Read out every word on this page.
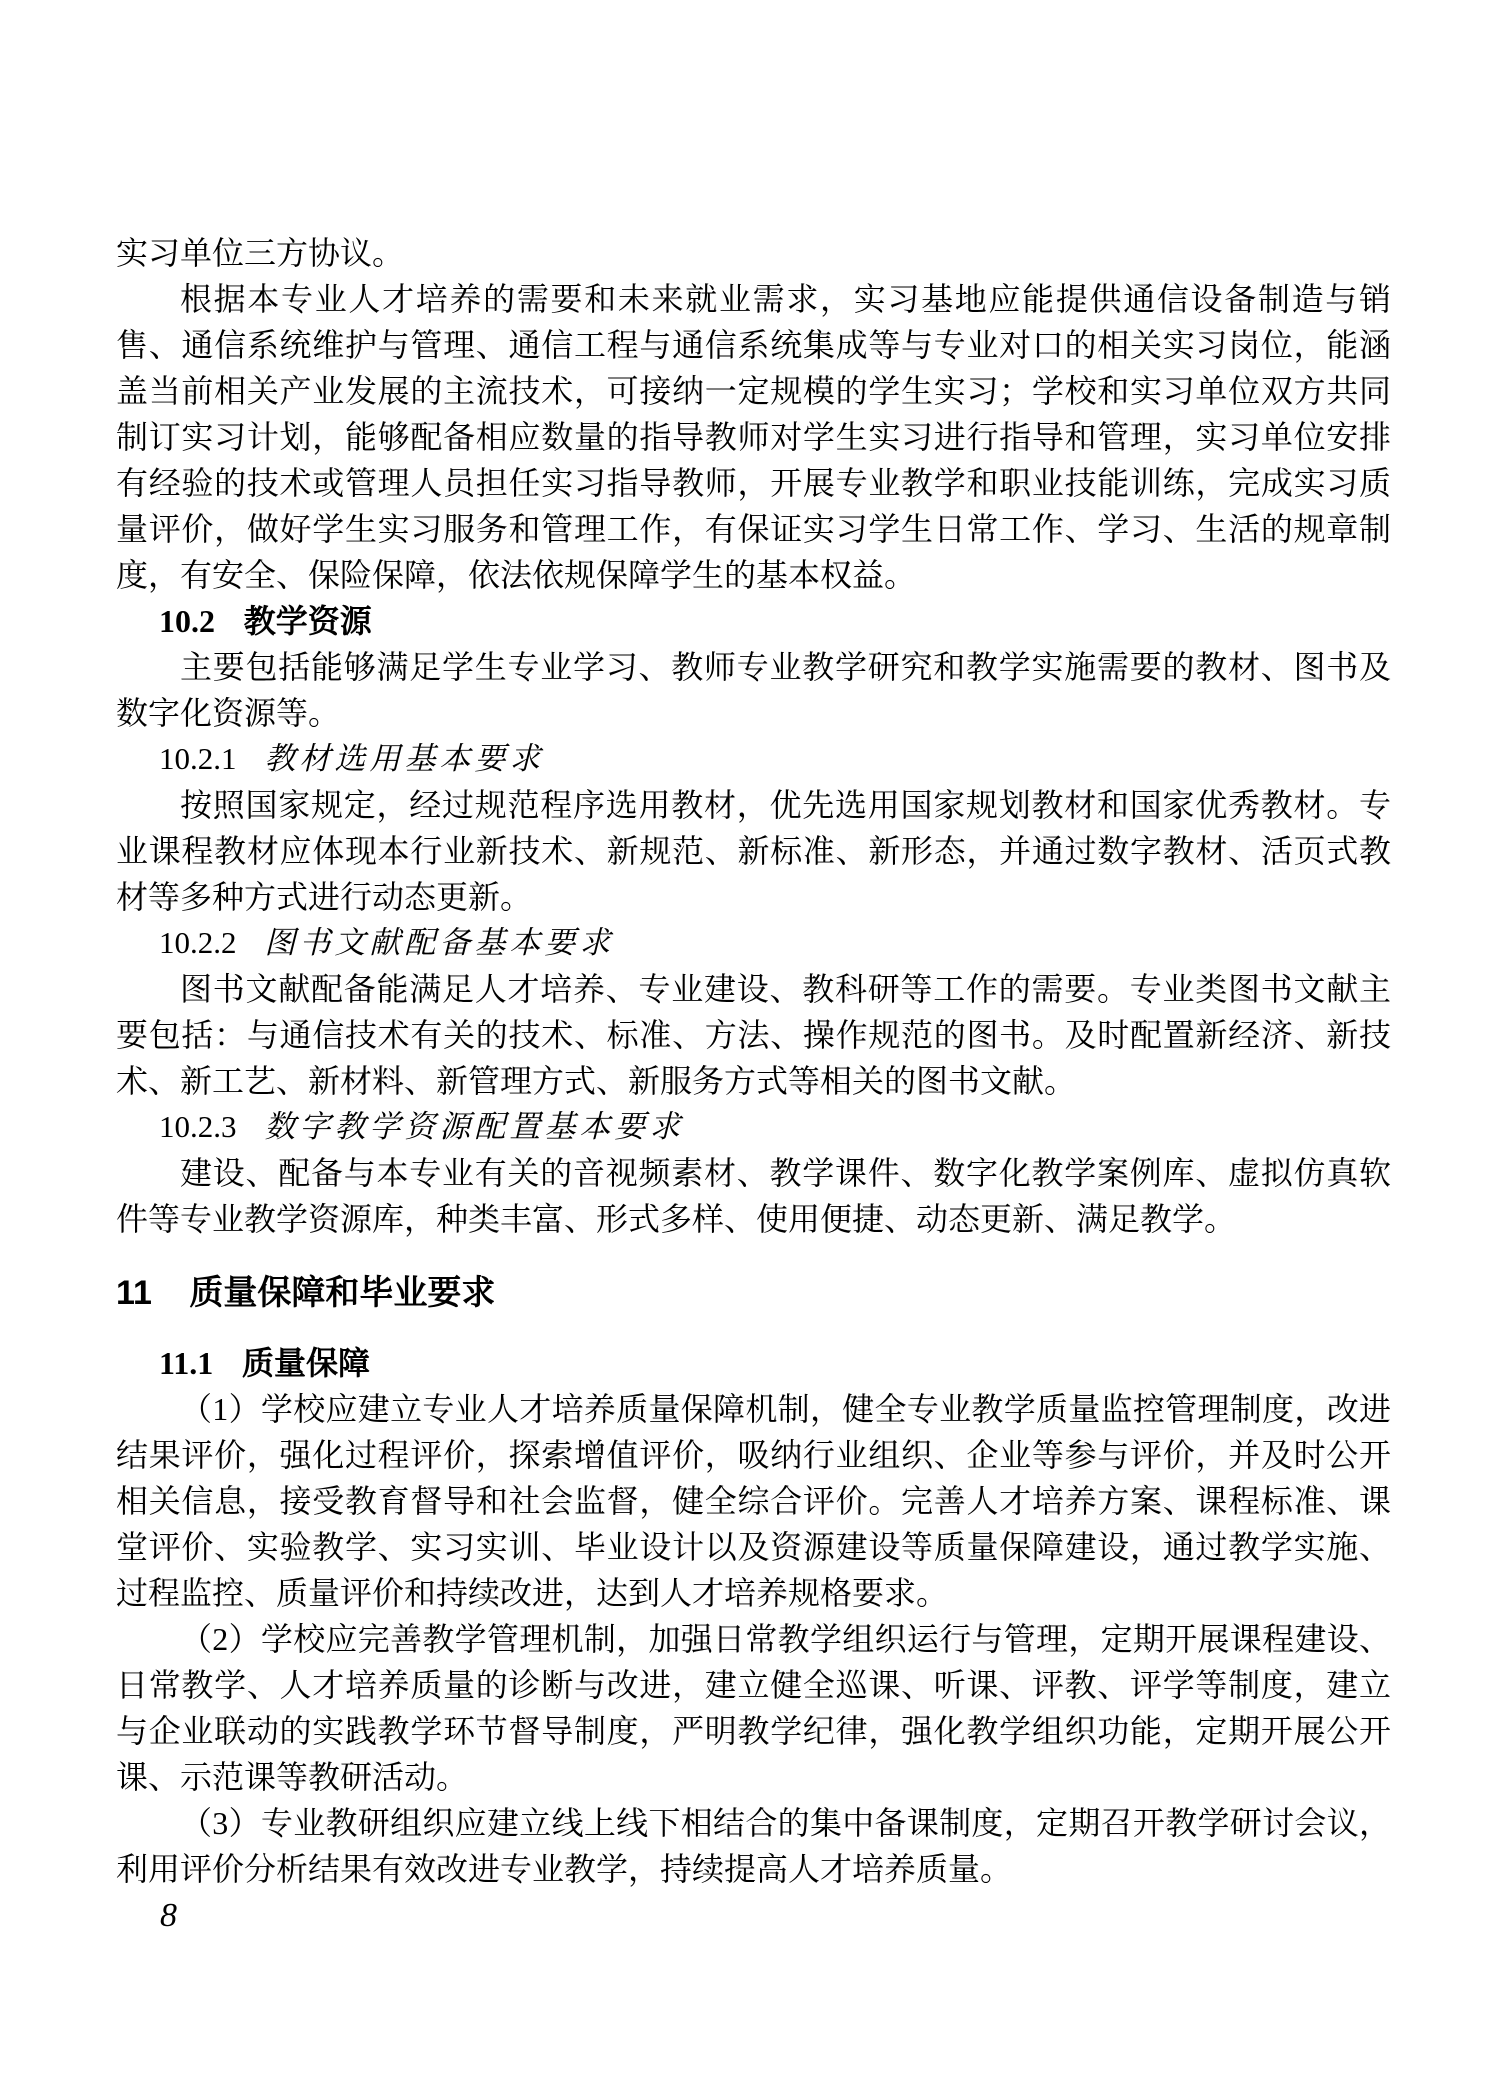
实习单位三方协议。

根据本专业人才培养的需要和未来就业需求，实习基地应能提供通信设备制造与销售、通信系统维护与管理、通信工程与通信系统集成等与专业对口的相关实习岗位，能涵盖当前相关产业发展的主流技术，可接纳一定规模的学生实习；学校和实习单位双方共同制订实习计划，能够配备相应数量的指导教师对学生实习进行指导和管理，实习单位安排有经验的技术或管理人员担任实习指导教师，开展专业教学和职业技能训练，完成实习质量评价，做好学生实习服务和管理工作，有保证实习学生日常工作、学习、生活的规章制度，有安全、保险保障，依法依规保障学生的基本权益。

10.2 教学资源

主要包括能够满足学生专业学习、教师专业教学研究和教学实施需要的教材、图书及数字化资源等。

10.2.1 教材选用基本要求

按照国家规定，经过规范程序选用教材，优先选用国家规划教材和国家优秀教材。专业课程教材应体现本行业新技术、新规范、新标准、新形态，并通过数字教材、活页式教材等多种方式进行动态更新。

10.2.2 图书文献配备基本要求

图书文献配备能满足人才培养、专业建设、教科研等工作的需要。专业类图书文献主要包括：与通信技术有关的技术、标准、方法、操作规范的图书。及时配置新经济、新技术、新工艺、新材料、新管理方式、新服务方式等相关的图书文献。

10.2.3 数字教学资源配置基本要求

建设、配备与本专业有关的音视频素材、教学课件、数字化教学案例库、虚拟仿真软件等专业教学资源库，种类丰富、形式多样、使用便捷、动态更新、满足教学。

11 质量保障和毕业要求
11.1 质量保障

（1）学校应建立专业人才培养质量保障机制，健全专业教学质量监控管理制度，改进结果评价，强化过程评价，探索增值评价，吸纳行业组织、企业等参与评价，并及时公开相关信息，接受教育督导和社会监督，健全综合评价。完善人才培养方案、课程标准、课堂评价、实验教学、实习实训、毕业设计以及资源建设等质量保障建设，通过教学实施、过程监控、质量评价和持续改进，达到人才培养规格要求。

（2）学校应完善教学管理机制，加强日常教学组织运行与管理，定期开展课程建设、日常教学、人才培养质量的诊断与改进，建立健全巡课、听课、评教、评学等制度，建立与企业联动的实践教学环节督导制度，严明教学纪律，强化教学组织功能，定期开展公开课、示范课等教研活动。

（3）专业教研组织应建立线上线下相结合的集中备课制度，定期召开教学研讨会议，利用评价分析结果有效改进专业教学，持续提高人才培养质量。

8
